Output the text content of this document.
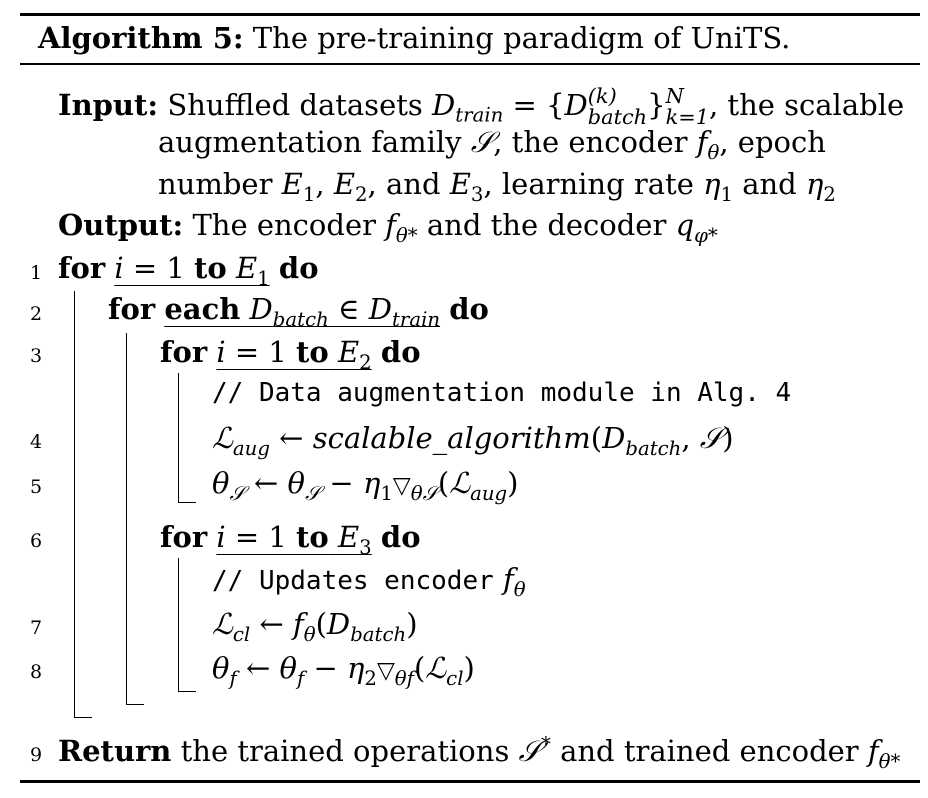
Algorithm 5: The pre-training paradigm of UniTS.
Input: Shuffled datasets $D_{train} = \{D$ (k)
batch } N
k=1 , the scalable
augmentation family 𝒮, the encoder $f_\theta$, epoch
number $E_1$, $E_2$, and $E_3$, learning rate $\eta_1$ and $\eta_2$
Output: The encoder $f_{\theta*}$ and the decoder $q_{\varphi*}$
1
2
3
4
5
6
7
8
9
for i = 1 to $E_1$ do
for each $D_{batch}$ ∈ $D_{train}$ do
for i = 1 to $E_2$ do
// Data augmentation module in Alg. 4
ℒ$_{aug}$ ← $scalable\_algorithm(D_{batch}$, 𝒮)
$\theta_𝒮$ ← $\theta_𝒮$ − $\eta_1▽_{\theta 𝒮}(ℒ_{aug})$
for i = 1 to $E_3$ do
// Updates encoder $f_\theta$
ℒ$_{cl}$ ← $f_\theta(D_{batch})$
$\theta_f$ ← $\theta_f$ − $\eta_2▽_{\theta f}(ℒ_{cl})$
Return the trained operations 𝒮* and trained encoder $f_{\theta*}$
